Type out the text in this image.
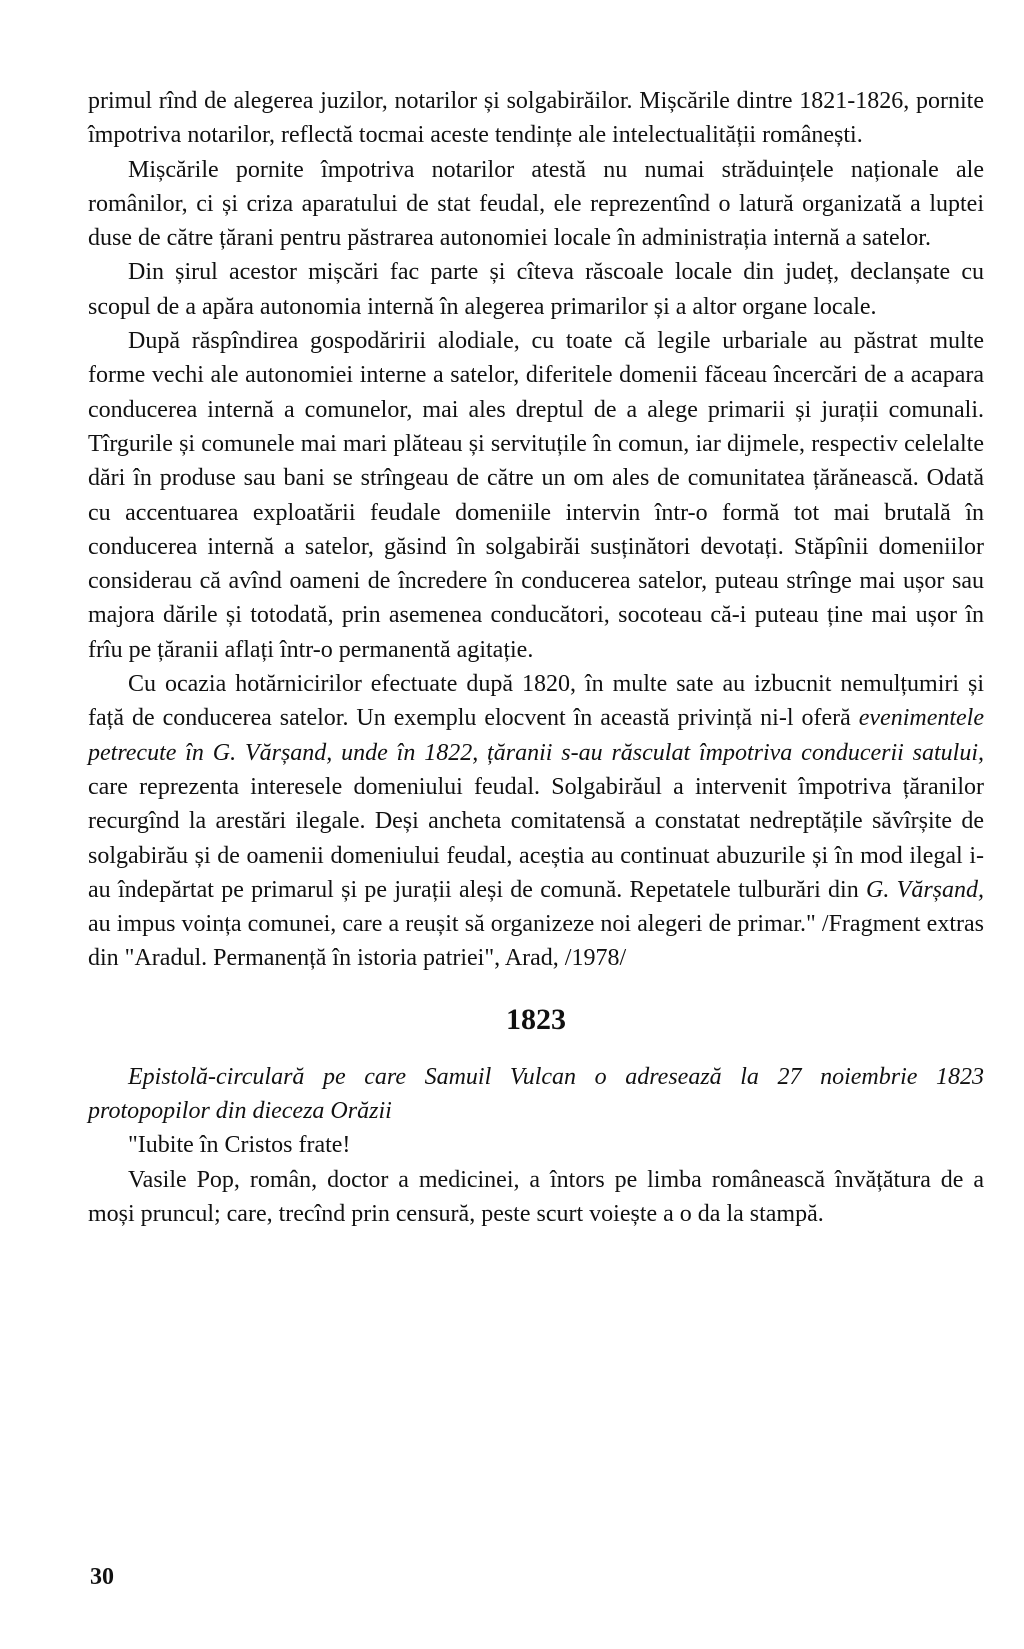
primul rînd de alegerea juzilor, notarilor și solgabirăilor. Mișcările dintre 1821-1826, pornite împotriva notarilor, reflectă tocmai aceste tendințe ale intelectualității românești.

Mișcările pornite împotriva notarilor atestă nu numai străduințele naționale ale românilor, ci și criza aparatului de stat feudal, ele reprezentînd o latură organizată a luptei duse de către țărani pentru păstrarea autonomiei locale în administrația internă a satelor.

Din șirul acestor mișcări fac parte și cîteva răscoale locale din județ, declanșate cu scopul de a apăra autonomia internă în alegerea primarilor și a altor organe locale.

După răspîndirea gospodăririi alodiale, cu toate că legile urbariale au păstrat multe forme vechi ale autonomiei interne a satelor, diferitele domenii făceau încercări de a acapara conducerea internă a comunelor, mai ales dreptul de a alege primarii și jurații comunali. Tîrgurile și comunele mai mari plăteau și servituțile în comun, iar dijmele, respectiv celelalte dări în produse sau bani se strîngeau de către un om ales de comunitatea țărănească. Odată cu accentuarea exploatării feudale domeniile intervin într-o formă tot mai brutală în conducerea internă a satelor, găsind în solgabirăi susținători devotați. Stăpînii domeniilor considerau că avînd oameni de încredere în conducerea satelor, puteau strînge mai ușor sau majora dările și totodată, prin asemenea conducători, socoteau că-i puteau ține mai ușor în frîu pe țăranii aflați într-o permanentă agitație.

Cu ocazia hotărnicirilor efectuate după 1820, în multe sate au izbucnit nemulțumiri și față de conducerea satelor. Un exemplu elocvent în această privință ni-l oferă evenimentele petrecute în G. Vărșand, unde în 1822, țăranii s-au răsculat împotriva conducerii satului, care reprezenta interesele domeniului feudal. Solgabirăul a intervenit împotriva țăranilor recurgînd la arestări ilegale. Deși ancheta comitatensă a constatat nedreptățile săvîrșite de solgabirău și de oamenii domeniului feudal, aceștia au continuat abuzurile și în mod ilegal i-au îndepărtat pe primarul și pe jurații aleși de comună. Repetatele tulburări din G. Vărșand, au impus voința comunei, care a reușit să organizeze noi alegeri de primar." /Fragment extras din "Aradul. Permanență în istoria patriei", Arad, /1978/

1823

Epistolă-circulară pe care Samuil Vulcan o adresează la 27 noiembrie 1823 protopopilor din dieceza Orăzii

"Iubite în Cristos frate!

Vasile Pop, român, doctor a medicinei, a întors pe limba românească învățătura de a moși pruncul; care, trecînd prin censură, peste scurt voiește a o da la stampă.

30
